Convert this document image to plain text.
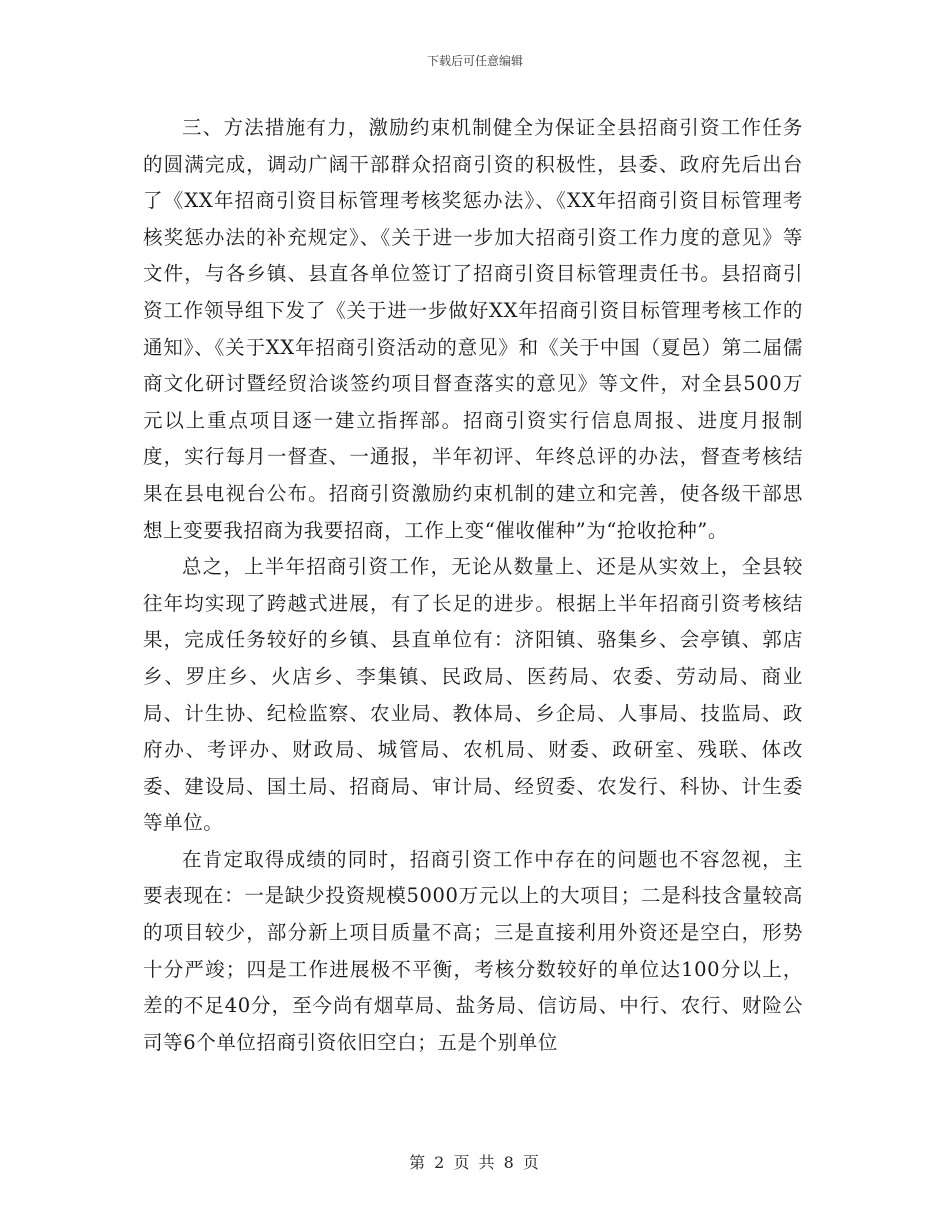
下载后可任意编辑

三、方法措施有力，激励约束机制健全为保证全县招商引资工作任务的圆满完成，调动广阔干部群众招商引资的积极性，县委、政府先后出台了《XX年招商引资目标管理考核奖惩办法》、《XX年招商引资目标管理考核奖惩办法的补充规定》、《关于进一步加大招商引资工作力度的意见》等文件，与各乡镇、县直各单位签订了招商引资目标管理责任书。县招商引资工作领导组下发了《关于进一步做好XX年招商引资目标管理考核工作的通知》、《关于XX年招商引资活动的意见》和《关于中国（夏邑）第二届儒商文化研讨暨经贸洽谈签约项目督查落实的意见》等文件，对全县500万元以上重点项目逐一建立指挥部。招商引资实行信息周报、进度月报制度，实行每月一督查、一通报，半年初评、年终总评的办法，督查考核结果在县电视台公布。招商引资激励约束机制的建立和完善，使各级干部思想上变要我招商为我要招商，工作上变“催收催种”为“抢收抢种”。

总之，上半年招商引资工作，无论从数量上、还是从实效上，全县较往年均实现了跨越式进展，有了长足的进步。根据上半年招商引资考核结果，完成任务较好的乡镇、县直单位有：济阳镇、骆集乡、会亭镇、郭店乡、罗庄乡、火店乡、李集镇、民政局、医药局、农委、劳动局、商业局、计生协、纪检监察、农业局、教体局、乡企局、人事局、技监局、政府办、考评办、财政局、城管局、农机局、财委、政研室、残联、体改委、建设局、国土局、招商局、审计局、经贸委、农发行、科协、计生委等单位。

在肯定取得成绩的同时，招商引资工作中存在的问题也不容忽视，主要表现在：一是缺少投资规模5000万元以上的大项目；二是科技含量较高的项目较少，部分新上项目质量不高；三是直接利用外资还是空白，形势十分严竣；四是工作进展极不平衡，考核分数较好的单位达100分以上，差的不足40分，至今尚有烟草局、盐务局、信访局、中行、农行、财险公司等6个单位招商引资依旧空白；五是个别单位

第 2 页 共 8 页
